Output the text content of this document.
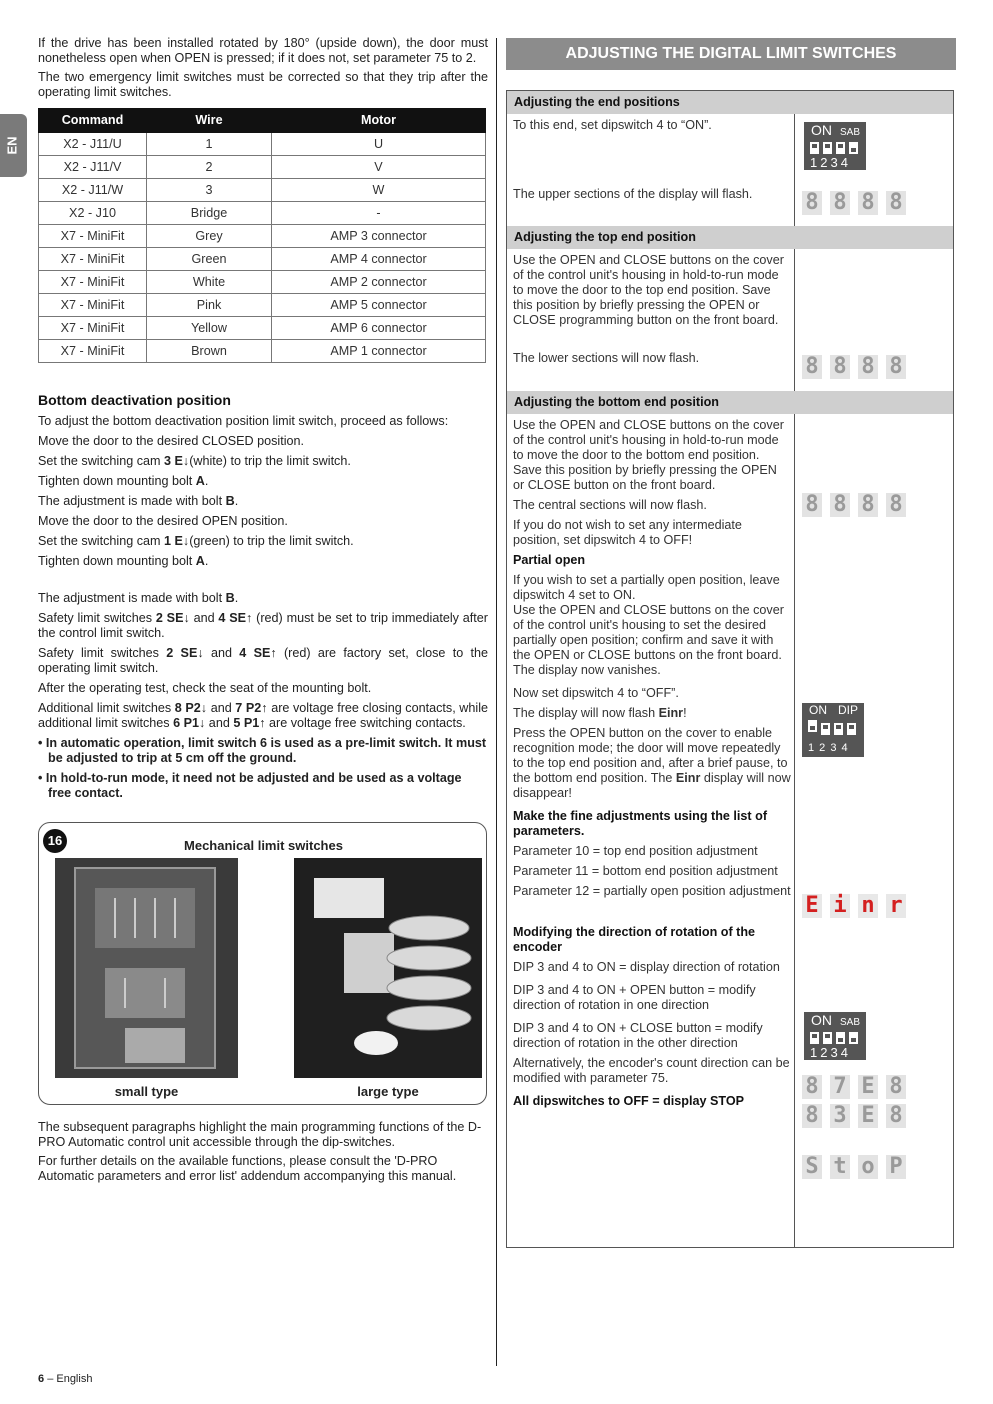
EN

If the drive has been installed rotated by 180° (upside down), the door must nonetheless open when OPEN is pressed; if it does not, set parameter 75 to 2.

The two emergency limit switches must be corrected so that they trip after the operating limit switches.

Command	Wire	Motor
X2 - J11/U	1	U
X2 - J11/V	2	V
X2 - J11/W	3	W
X2 - J10	Bridge	-
X7 - MiniFit	Grey	AMP 3 connector
X7 - MiniFit	Green	AMP 4 connector
X7 - MiniFit	White	AMP 2 connector
X7 - MiniFit	Pink	AMP 5 connector
X7 - MiniFit	Yellow	AMP 6 connector
X7 - MiniFit	Brown	AMP 1 connector
Bottom deactivation position

To adjust the bottom deactivation position limit switch, proceed as follows:

Move the door to the desired CLOSED position.

Set the switching cam 3 E↓(white) to trip the limit switch.

Tighten down mounting bolt A.

The adjustment is made with bolt B.

Move the door to the desired OPEN position.

Set the switching cam 1 E↓(green) to trip the limit switch.

Tighten down mounting bolt A.

The adjustment is made with bolt B.

Safety limit switches 2 SE↓ and 4 SE↑ (red) must be set to trip immediately after the control limit switch.

Safety limit switches 2 SE↓ and 4 SE↑ (red) are factory set, close to the operating limit switch.

After the operating test, check the seat of the mounting bolt.

Additional limit switches 8 P2↓ and 7 P2↑ are voltage free closing contacts, while additional limit switches 6 P1↓ and 5 P1↑ are voltage free switching contacts.

• In automatic operation, limit switch 6 is used as a pre-limit switch. It must be adjusted to trip at 5 cm off the ground.

• In hold-to-run mode, it need not be adjusted and be used as a voltage free contact.

16	Mechanical limit switches
small type	large type

The subsequent paragraphs highlight the main programming functions of the D-PRO Automatic control unit accessible through the dip-switches.

For further details on the available functions, please consult the 'D-PRO Automatic parameters and error list' addendum accompanying this manual.

ADJUSTING THE DIGITAL LIMIT SWITCHES
Adjusting the end positions
To this end, set dipswitch 4 to “ON”.
The upper sections of the display will flash.
Adjusting the top end position
Use the OPEN and CLOSE buttons on the cover of the control unit's housing in hold-to-run mode to move the door to the top end position. Save this position by briefly pressing the OPEN or CLOSE programming button on the front board.
The lower sections will now flash.
Adjusting the bottom end position

Use the OPEN and CLOSE buttons on the cover of the control unit's housing in hold-to-run mode to move the door to the bottom end position. Save this position by briefly pressing the OPEN or CLOSE button on the front board.

The central sections will now flash.

If you do not wish to set any intermediate position, set dipswitch 4 to OFF!

Partial open

If you wish to set a partially open position, leave dipswitch 4 set to ON.

Use the OPEN and CLOSE buttons on the cover of the control unit's housing to set the desired partially open position; confirm and save it with the OPEN or CLOSE buttons on the front board.

The display now vanishes.

Now set dipswitch 4 to “OFF”.

The display will now flash Einr!

Press the OPEN button on the cover to enable recognition mode; the door will move repeatedly to the top end position and, after a brief pause, to the bottom end position. The Einr display will now disappear!

Make the fine adjustments using the list of parameters.

Parameter 10 = top end position adjustment

Parameter 11 = bottom end position adjustment

Parameter 12 = partially open position adjustment

Modifying the direction of rotation of the encoder

DIP 3 and 4 to ON = display direction of rotation

DIP 3 and 4 to ON + OPEN button = modify direction of rotation in one direction

DIP 3 and 4 to ON + CLOSE button = modify direction of rotation in the other direction

Alternatively, the encoder's count direction can be modified with parameter 75.

All dipswitches to OFF = display STOP

ON SAB
1234
8 8 8 8
8 8 8 8
8 8 8 8
ON DIP
1 2 3 4
E i n r
ON SAB
1234
8 7 E 8
8 3 E 8
S t o P
6 – English
